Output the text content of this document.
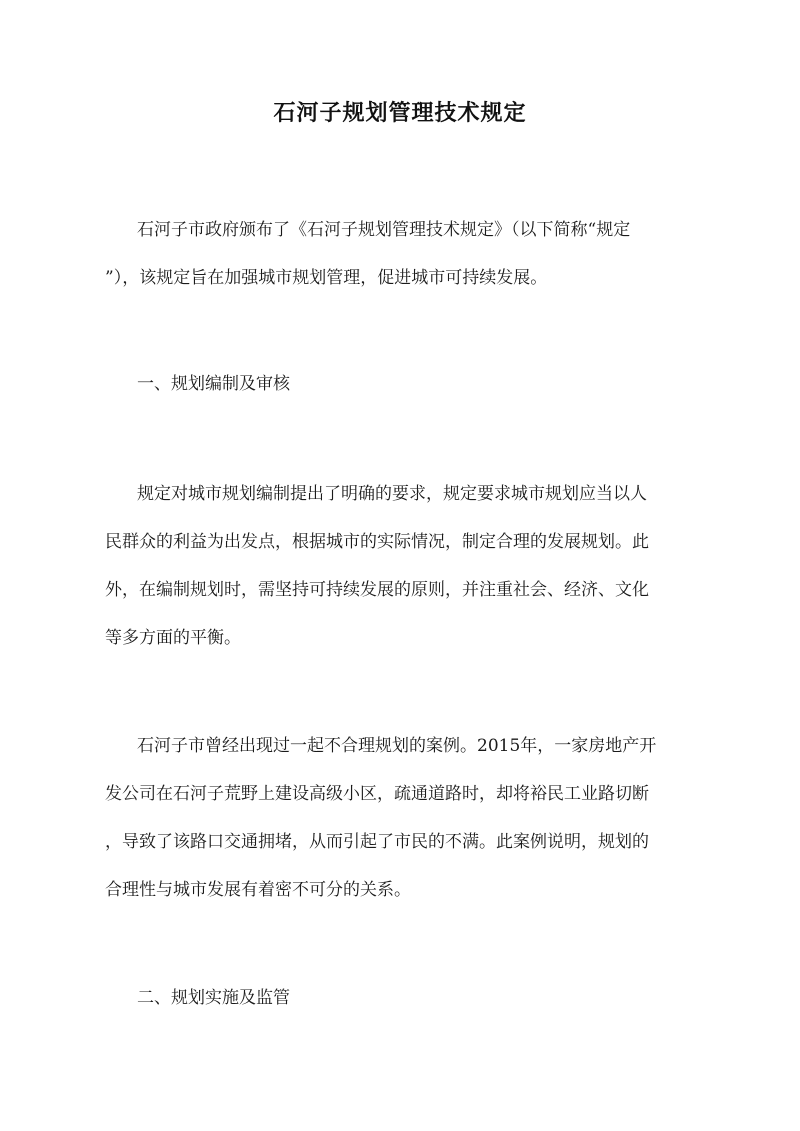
石河子规划管理技术规定
石河子市政府颁布了《石河子规划管理技术规定》（以下简称“规定
”），该规定旨在加强城市规划管理，促进城市可持续发展。
一、规划编制及审核
规定对城市规划编制提出了明确的要求，规定要求城市规划应当以人
民群众的利益为出发点，根据城市的实际情况，制定合理的发展规划。此
外，在编制规划时，需坚持可持续发展的原则，并注重社会、经济、文化
等多方面的平衡。
石河子市曾经出现过一起不合理规划的案例。2015年，一家房地产开
发公司在石河子荒野上建设高级小区，疏通道路时，却将裕民工业路切断
，导致了该路口交通拥堵，从而引起了市民的不满。此案例说明，规划的
合理性与城市发展有着密不可分的关系。
二、规划实施及监管
